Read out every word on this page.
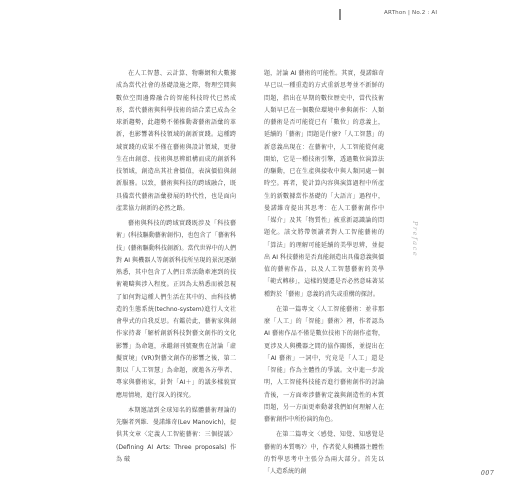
ARThon | No.2 : AI

在人工智慧、云計算、物聯網和大數據成為當代社會的基礎設施之際，物理空間與數位空間邊際融合的智能科技時代已然成形，當代藝術與科學技術的結合業已成為全球新趨勢，此趨勢不僅推動著藝術語彙的革新，也影響著科技領域的創新實踐。這種跨域實踐的成果不僅在藝術與設計領域，更發生在由創意、技術與思辨組構而成的創新科技領域，創造出其社會價值，表演價值與創新服務。以致，藝術與科技的跨域融合，既具備當代藝術語彙發展的時代性，也是面向產業協力創新的必然之路。

藝術與科技的跨域實踐既涉及「科技藝術」(科技驅動藝術創作)，也包含了「藝術科技」(藝術驅動科技創新)。當代世界中的人們對 AI 與機器人等創新科技所呈現的景況逐漸熟悉，其中包含了人們日常活動牽連到的技術範疇與涉入程度。正因為太熟悉而被忽視了如何對這種人們生活在其中的、由科技構造的生態系統(techno-system)進行人文社會學式的自我反思。有鑑於此，藝術家與創作家持著「解析創新科技對藝文創作的文化影響」為命題，承繼創刊號聚焦在討論「虛擬實境」(VR)對藝文創作的影響之後，第二期以「人工智慧」為命題，廣邀各方學者、專家與藝術家，針對「AI＋」的議多樣貌實應用情境，進行深入的探究。

本期邀請到全球知名的媒體藝術理論的先驅者列維．曼諾維奇(Lev Manovich)，提供其文章〈定義人工智能藝術：三個提議〉(Defining AI Arts: Three proposals) 作 為 破

題，討論 AI 藝術的可能性。其實，曼諾維奇早已以一種重造的方式重新思考並不新鮮的問題，指出在早期的數位歷史中，當代技術人類早已在一個數位環境中參與創作：人類的藝術是否可能從已有「數位」的意義上，延續的「藝術」問題是什麼?「人工智慧」的新意義出現在：在藝術中，人工智能從何處開始，它是一種技術引擎，透過數位演算法的驅動，已在生產與接收中與人類同處一個時空。再者，從計算內容與演算過程中所產生的新數據當作基礎的「大語言」過程中，曼諾維奇提出其思考：在人工藝術創作中「媒介」及其「物質性」被重新認識論的問題化。該文將帶領讀者對人工智能藝術的「算法」的理解可能延續的美學思辨，並提出 AI 科技藝術是否真能創造出具備意義與價值的藝術作品，以及人工智慧藝術的美學「範式轉移」，這樣的變遷是否必然意味著某種對於「藝術」意義的消失或重構的探討。

在第一篇專文〈人工智能藝術：並非那麼「人工」的「智能」藝術〉裡，作者認為 AI 藝術作品不僅是數位技術下的創作產物，更涉及人與機器之間的協作關係，並提出在「AI 藝術」一詞中，究竟是「人工」還是「智能」作為主體性的爭議。文中進一步說明，人工智能科技能否進行藝術創作的討論背後，一方面牽涉藝術定義與創造性的本質問題，另一方面更牽動著我們如何理解人在藝術創作中所扮演的角色。

在第二篇專文〈感覺、知覺、知感覺是藝術的本質嗎?〉中，作者從人與機器主體性的哲學思考中主張分為兩大部分。首先以「人造系統的創

Preface
007
